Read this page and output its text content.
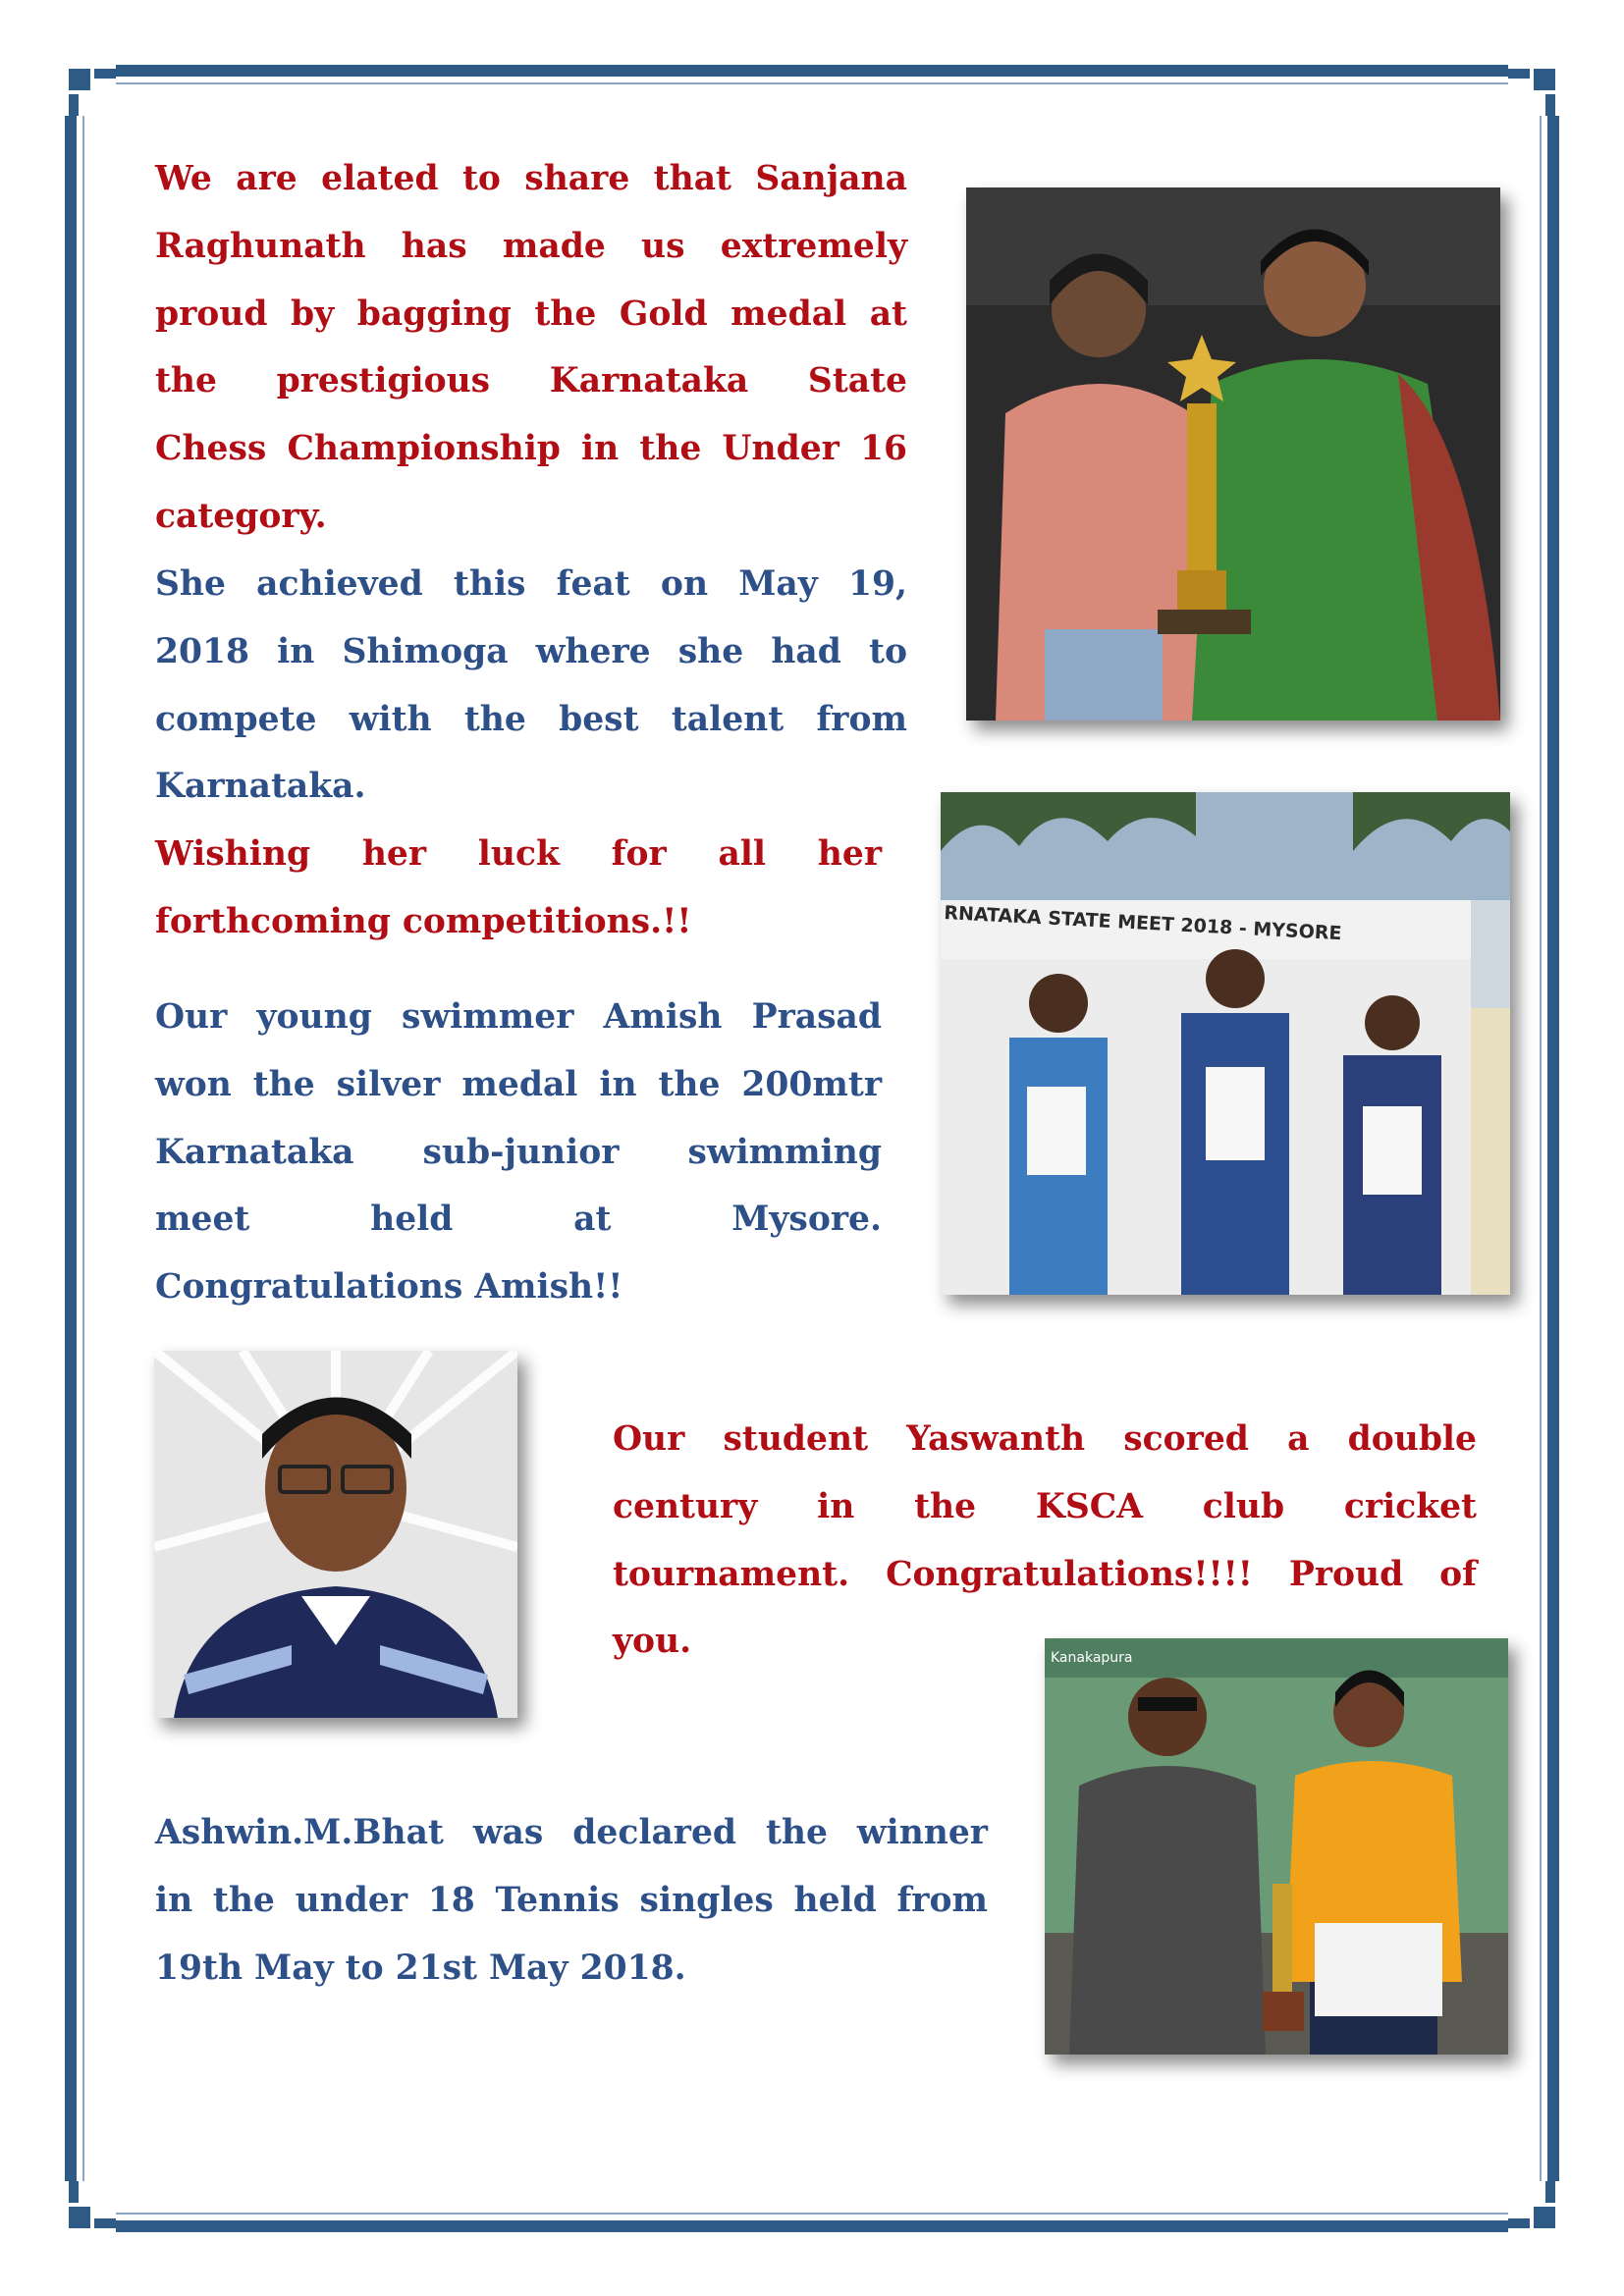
We are elated to share that Sanjana

Raghunath has made us extremely

proud by bagging the Gold medal at

the prestigious Karnataka State

Chess Championship in the Under 16

category.

She achieved this feat on May 19,

2018 in Shimoga where she had to

compete with the best talent from

Karnataka.

Wishing her luck for all her

forthcoming competitions.!!

Our young swimmer Amish Prasad

won the silver medal in the 200mtr

Karnataka sub-junior swimming

meet held at Mysore.

Congratulations Amish!!

RNATAKA STATE MEET 2018 - MYSORE

Our student Yaswanth scored a double

century in the KSCA club cricket

tournament. Congratulations!!!! Proud of

you.

Ashwin.M.Bhat was declared the winner

in the under 18 Tennis singles held from

19th May to 21st May 2018.

Kanakapura
